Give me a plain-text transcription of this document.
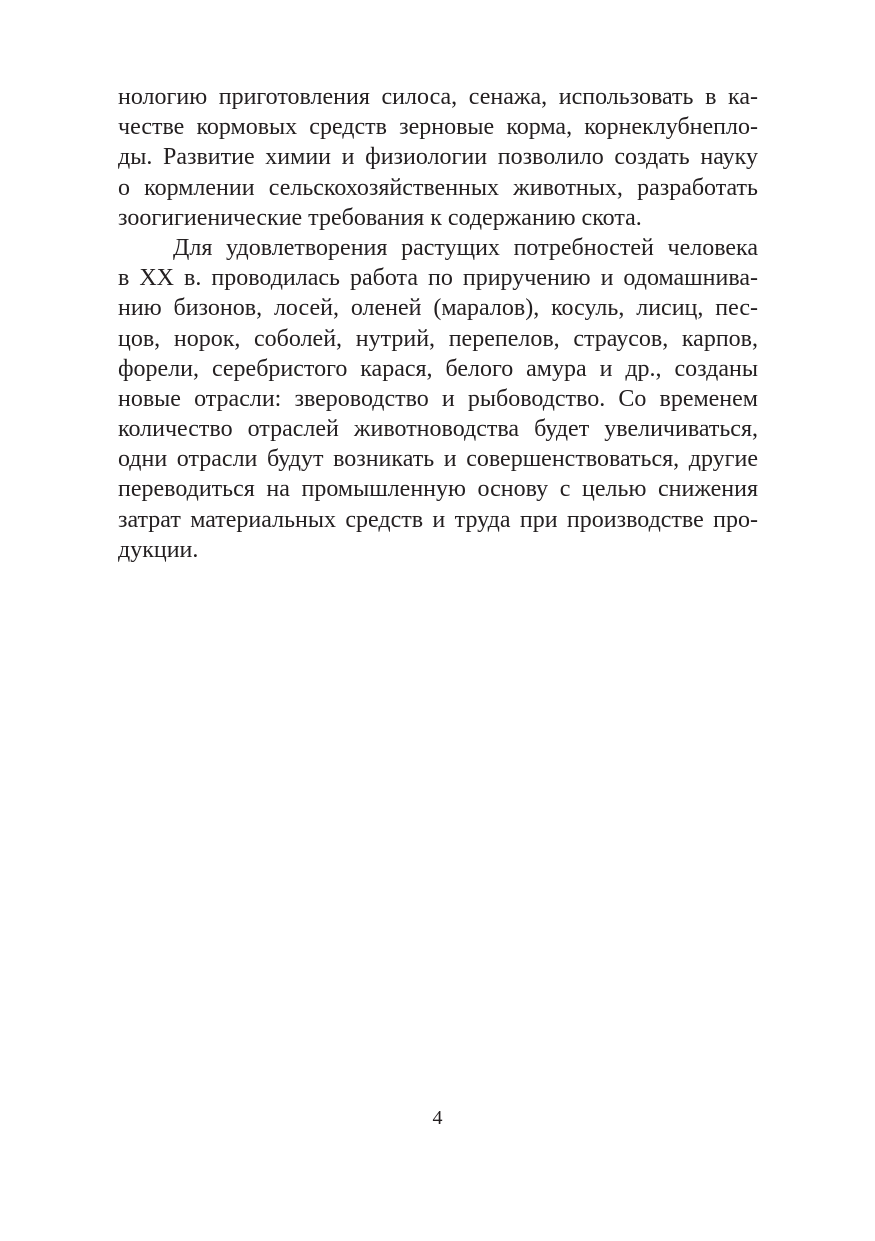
нологию приготовления силоса, сенажа, использовать в ка-
честве кормовых средств зерновые корма, корнеклубнепло-
ды. Развитие химии и физиологии позволило создать науку
о кормлении сельскохозяйственных животных, разработать
зоогигиенические требования к содержанию скота.
Для удовлетворения растущих потребностей человека
в XX в. проводилась работа по приручению и одомашнива-
нию бизонов, лосей, оленей (маралов), косуль, лисиц, пес-
цов, норок, соболей, нутрий, перепелов, страусов, карпов,
форели, серебристого карася, белого амура и др., созданы
новые отрасли: звероводство и рыбоводство. Со временем
количество отраслей животноводства будет увеличиваться,
одни отрасли будут возникать и совершенствоваться, другие
переводиться на промышленную основу с целью снижения
затрат материальных средств и труда при производстве про-
дукции.
4
